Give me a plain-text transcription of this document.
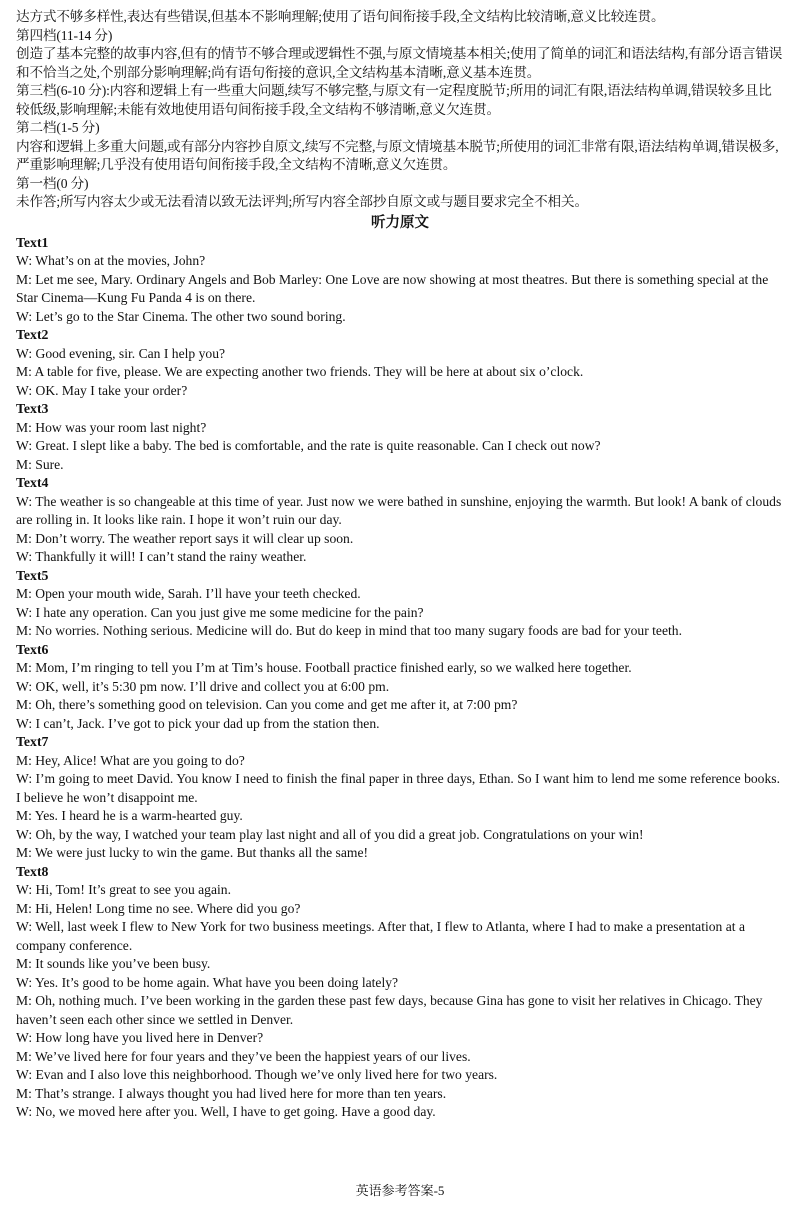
达方式不够多样性,表达有些错误,但基本不影响理解;使用了语句间衔接手段,全文结构比较清晰,意义比较连贯。

第四档(11-14 分)

创造了基本完整的故事内容,但有的情节不够合理或逻辑性不强,与原文情境基本相关;使用了简单的词汇和语法结构,有部分语言错误和不恰当之处,个别部分影响理解;尚有语句衔接的意识,全文结构基本清晰,意义基本连贯。

第三档(6-10 分):内容和逻辑上有一些重大问题,续写不够完整,与原文有一定程度脱节;所用的词汇有限,语法结构单调,错误较多且比较低级,影响理解;未能有效地使用语句间衔接手段,全文结构不够清晰,意义欠连贯。

第二档(1-5 分)

内容和逻辑上多重大问题,或有部分内容抄自原文,续写不完整,与原文情境基本脱节;所使用的词汇非常有限,语法结构单调,错误极多,严重影响理解;几乎没有使用语句间衔接手段,全文结构不清晰,意义欠连贯。

第一档(0 分)

未作答;所写内容太少或无法看清以致无法评判;所写内容全部抄自原文或与题目要求完全不相关。

听力原文

Text1

W: What’s on at the movies, John?

M: Let me see, Mary. Ordinary Angels and Bob Marley: One Love are now showing at most theatres. But there is something special at the Star Cinema—Kung Fu Panda 4 is on there.

W: Let’s go to the Star Cinema. The other two sound boring.

Text2

W: Good evening, sir. Can I help you?

M: A table for five, please. We are expecting another two friends. They will be here at about six o’clock.

W: OK. May I take your order?

Text3

M: How was your room last night?

W: Great. I slept like a baby. The bed is comfortable, and the rate is quite reasonable. Can I check out now?

M: Sure.

Text4

W: The weather is so changeable at this time of year. Just now we were bathed in sunshine, enjoying the warmth. But look! A bank of clouds are rolling in. It looks like rain. I hope it won’t ruin our day.

M: Don’t worry. The weather report says it will clear up soon.

W: Thankfully it will! I can’t stand the rainy weather.

Text5

M: Open your mouth wide, Sarah. I’ll have your teeth checked.

W: I hate any operation. Can you just give me some medicine for the pain?

M: No worries. Nothing serious. Medicine will do. But do keep in mind that too many sugary foods are bad for your teeth.

Text6

M: Mom, I’m ringing to tell you I’m at Tim’s house. Football practice finished early, so we walked here together.

W: OK, well, it’s 5:30 pm now. I’ll drive and collect you at 6:00 pm.

M: Oh, there’s something good on television. Can you come and get me after it, at 7:00 pm?

W: I can’t, Jack. I’ve got to pick your dad up from the station then.

Text7

M: Hey, Alice! What are you going to do?

W: I’m going to meet David. You know I need to finish the final paper in three days, Ethan. So I want him to lend me some reference books. I believe he won’t disappoint me.

M: Yes. I heard he is a warm-hearted guy.

W: Oh, by the way, I watched your team play last night and all of you did a great job. Congratulations on your win!

M: We were just lucky to win the game. But thanks all the same!

Text8

W: Hi, Tom! It’s great to see you again.

M: Hi, Helen! Long time no see. Where did you go?

W: Well, last week I flew to New York for two business meetings. After that, I flew to Atlanta, where I had to make a presentation at a company conference.

M: It sounds like you’ve been busy.

W: Yes. It’s good to be home again. What have you been doing lately?

M: Oh, nothing much. I’ve been working in the garden these past few days, because Gina has gone to visit her relatives in Chicago. They haven’t seen each other since we settled in Denver.

W: How long have you lived here in Denver?

M: We’ve lived here for four years and they’ve been the happiest years of our lives.

W: Evan and I also love this neighborhood. Though we’ve only lived here for two years.

M: That’s strange. I always thought you had lived here for more than ten years.

W: No, we moved here after you. Well, I have to get going. Have a good day.

英语参考答案-5
